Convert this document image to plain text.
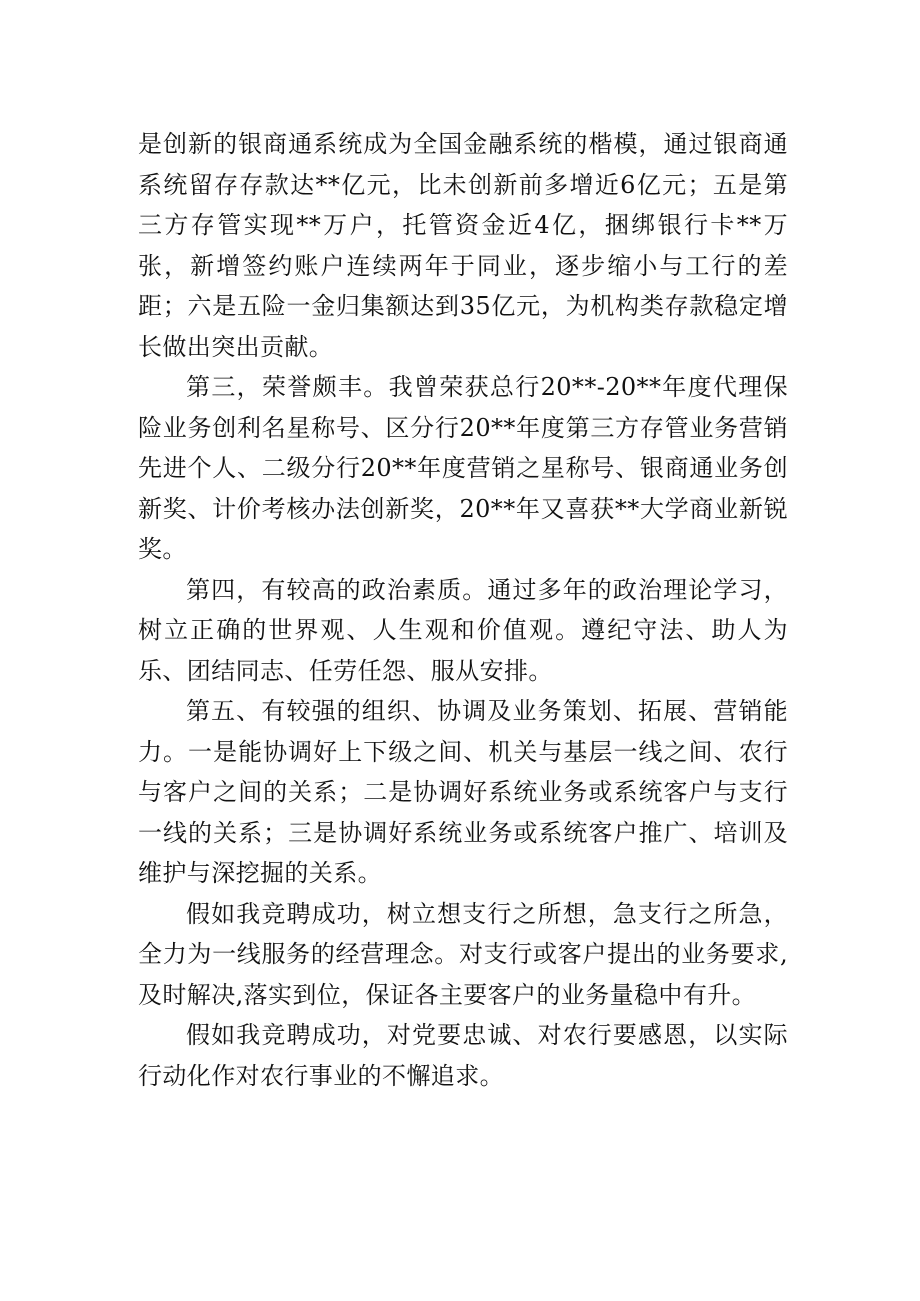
是创新的银商通系统成为全国金融系统的楷模，通过银商通系统留存存款达**亿元，比未创新前多增近6亿元；五是第三方存管实现**万户，托管资金近4亿，捆绑银行卡**万张，新增签约账户连续两年于同业，逐步缩小与工行的差距；六是五险一金归集额达到35亿元，为机构类存款稳定增长做出突出贡献。

第三，荣誉颇丰。我曾荣获总行20**-20**年度代理保险业务创利名星称号、区分行20**年度第三方存管业务营销先进个人、二级分行20**年度营销之星称号、银商通业务创新奖、计价考核办法创新奖，20**年又喜获**大学商业新锐奖。

第四，有较高的政治素质。通过多年的政治理论学习，树立正确的世界观、人生观和价值观。遵纪守法、助人为乐、团结同志、任劳任怨、服从安排。

第五、有较强的组织、协调及业务策划、拓展、营销能力。一是能协调好上下级之间、机关与基层一线之间、农行与客户之间的关系；二是协调好系统业务或系统客户与支行一线的关系；三是协调好系统业务或系统客户推广、培训及维护与深挖掘的关系。

假如我竞聘成功，树立想支行之所想，急支行之所急，全力为一线服务的经营理念。对支行或客户提出的业务要求,及时解决,落实到位，保证各主要客户的业务量稳中有升。

假如我竞聘成功，对党要忠诚、对农行要感恩，以实际行动化作对农行事业的不懈追求。
